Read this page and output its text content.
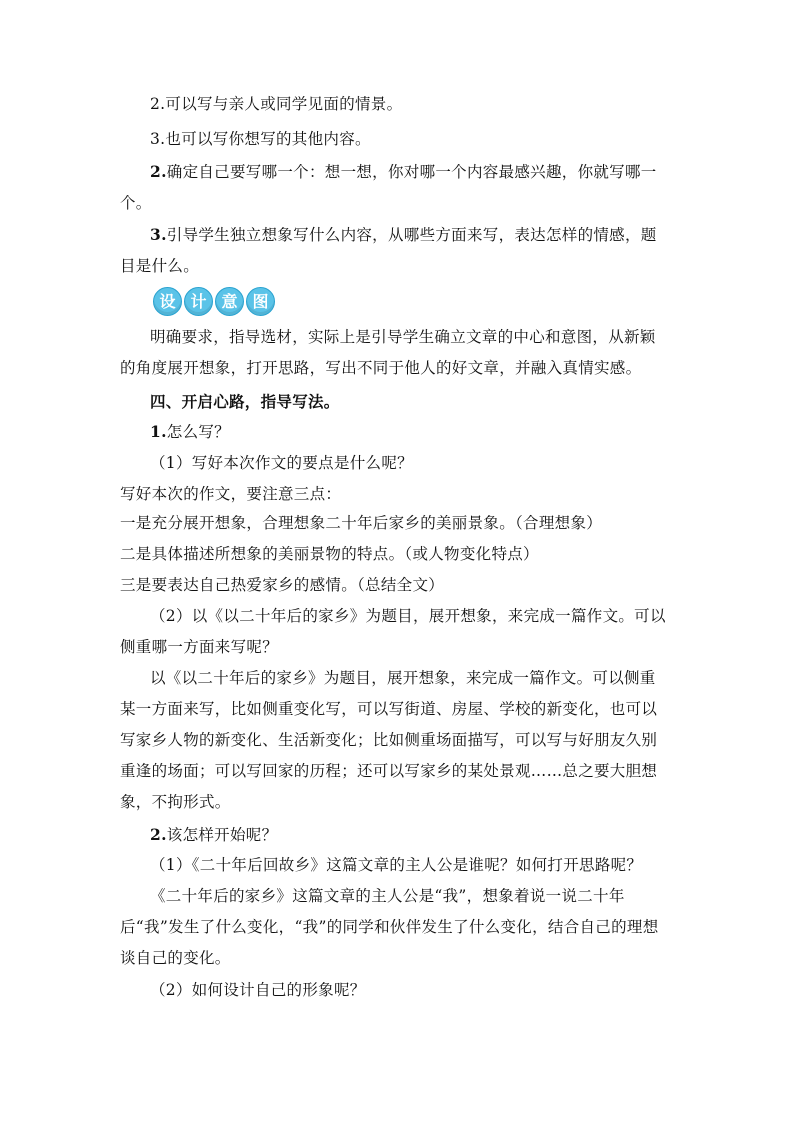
2.可以写与亲人或同学见面的情景。
3.也可以写你想写的其他内容。
2.确定自己要写哪一个：想一想，你对哪一个内容最感兴趣，你就写哪一个。
3.引导学生独立想象写什么内容，从哪些方面来写，表达怎样的情感，题目是什么。
设 计 意 图
明确要求，指导选材，实际上是引导学生确立文章的中心和意图，从新颖的角度展开想象，打开思路，写出不同于他人的好文章，并融入真情实感。
四、开启心路，指导写法。
1.怎么写？
（1）写好本次作文的要点是什么呢？
写好本次的作文，要注意三点：
一是充分展开想象，合理想象二十年后家乡的美丽景象。（合理想象）
二是具体描述所想象的美丽景物的特点。（或人物变化特点）
三是要表达自己热爱家乡的感情。（总结全文）
（2）以《以二十年后的家乡》为题目，展开想象，来完成一篇作文。可以侧重哪一方面来写呢？
以《以二十年后的家乡》为题目，展开想象，来完成一篇作文。可以侧重某一方面来写，比如侧重变化写，可以写街道、房屋、学校的新变化，也可以写家乡人物的新变化、生活新变化；比如侧重场面描写，可以写与好朋友久别重逢的场面；可以写回家的历程；还可以写家乡的某处景观……总之要大胆想象，不拘形式。
2.该怎样开始呢？
（1）《二十年后回故乡》这篇文章的主人公是谁呢？如何打开思路呢？
《二十年后的家乡》这篇文章的主人公是“我”，想象着说一说二十年后“我”发生了什么变化，“我”的同学和伙伴发生了什么变化，结合自己的理想谈自己的变化。
（2）如何设计自己的形象呢？
